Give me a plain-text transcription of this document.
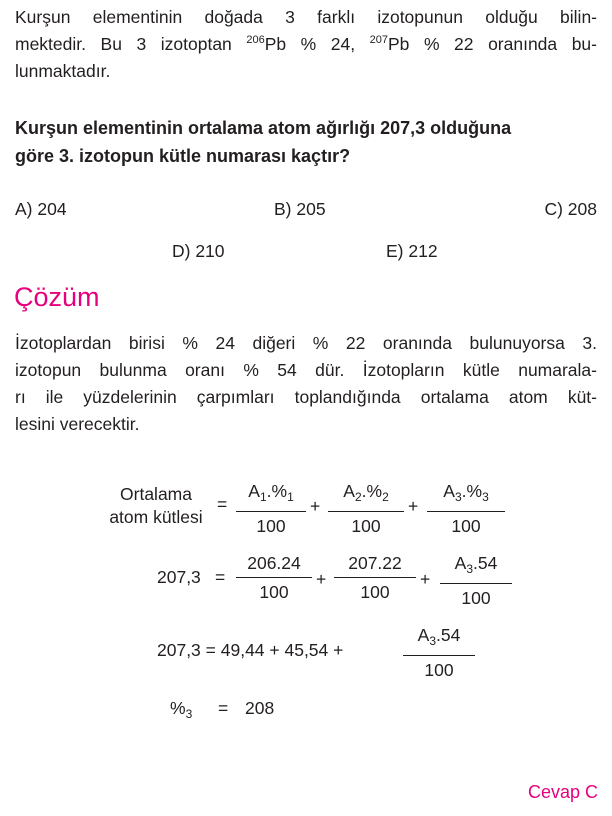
Kurşun elementinin doğada 3 farklı izotopunun olduğu bilin-
mektedir. Bu 3 izotoptan $^{206}$Pb % 24, $^{207}$Pb % 22 oranında bu-
lunmaktadır.
Kurşun elementinin ortalama atom ağırlığı 207,3 olduğuna
göre 3. izotopun kütle numarası kaçtır?
A) 204	B) 205	C) 208
D) 210	E) 212
Çözüm
İzotoplardan birisi % 24 diğeri % 22 oranında bulunuyorsa 3.
izotopun bulunma oranı % 54 dür. İzotopların kütle numarala-
rı ile yüzdelerinin çarpımları toplandığında ortalama atom küt-
lesini verecektir.
Ortalama
atom kütlesi
= $\frac{A_1.\%_1}{100} + \frac{A_2.\%_2}{100} + \frac{A_3.\%_3}{100}$
$207,3 = \frac{206.24}{100} + \frac{207.22}{100} + \frac{A_3.54}{100}$
207,3 = 49,44 + 45,54 +	$\frac{A_3.54}{100}$
$\%_3 = 208$
Cevap C
